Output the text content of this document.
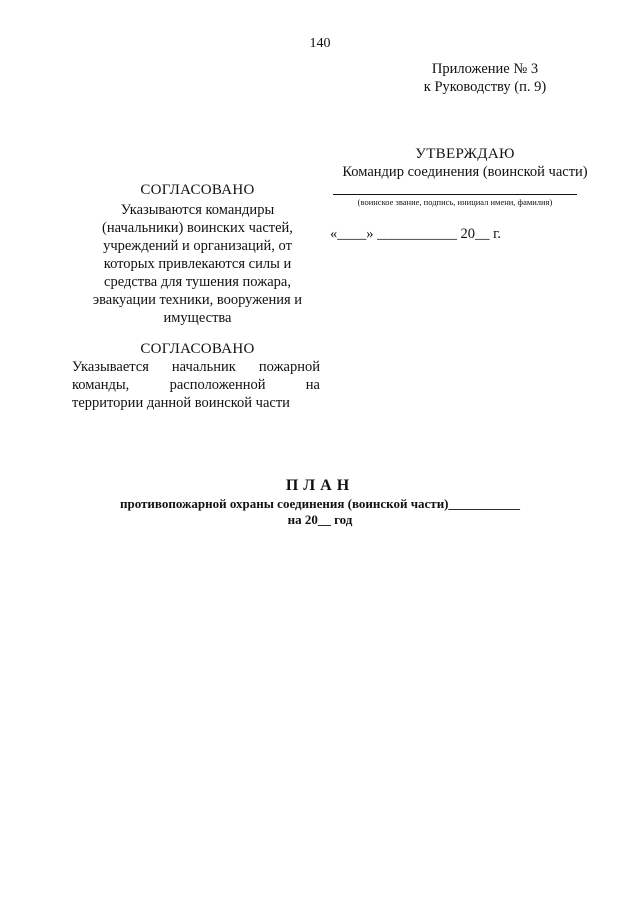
140
Приложение № 3
к Руководству (п. 9)
УТВЕРЖДАЮ
Командир соединения (воинской части)
(воинское звание, подпись, инициал имени, фамилия)
«____» ___________ 20__ г.
СОГЛАСОВАНО
Указываются командиры
(начальники) воинских частей,
учреждений и организаций, от
которых привлекаются силы и
средства для тушения пожара,
эвакуации техники, вооружения и
имущества
СОГЛАСОВАНО
Указывается начальник пожарной
команды,	расположенной	на
территории данной воинской части
ПЛАН
противопожарной охраны соединения (воинской части)___________
на 20__ год
